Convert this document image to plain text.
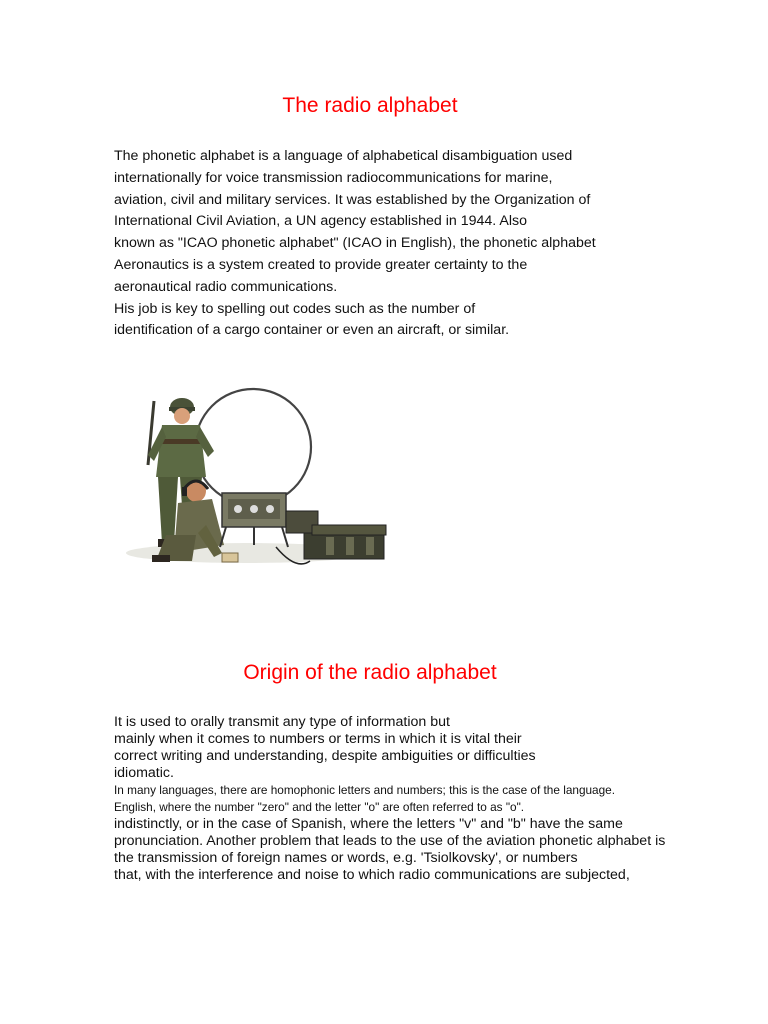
The radio alphabet
The phonetic alphabet is a language of alphabetical disambiguation used
internationally for voice transmission radiocommunications for marine,
aviation, civil and military services. It was established by the Organization of
International Civil Aviation, a UN agency established in 1944. Also
known as "ICAO phonetic alphabet" (ICAO in English), the phonetic alphabet
Aeronautics is a system created to provide greater certainty to the
aeronautical radio communications.
His job is key to spelling out codes such as the number of
identification of a cargo container or even an aircraft, or similar.
Origin of the radio alphabet
It is used to orally transmit any type of information but
mainly when it comes to numbers or terms in which it is vital their
correct writing and understanding, despite ambiguities or difficulties
idiomatic.
In many languages, there are homophonic letters and numbers; this is the case of the language.
English, where the number "zero" and the letter "o" are often referred to as "o".
indistinctly, or in the case of Spanish, where the letters "v" and "b" have the same
pronunciation. Another problem that leads to the use of the aviation phonetic alphabet is
the transmission of foreign names or words, e.g. 'Tsiolkovsky', or numbers
that, with the interference and noise to which radio communications are subjected,
